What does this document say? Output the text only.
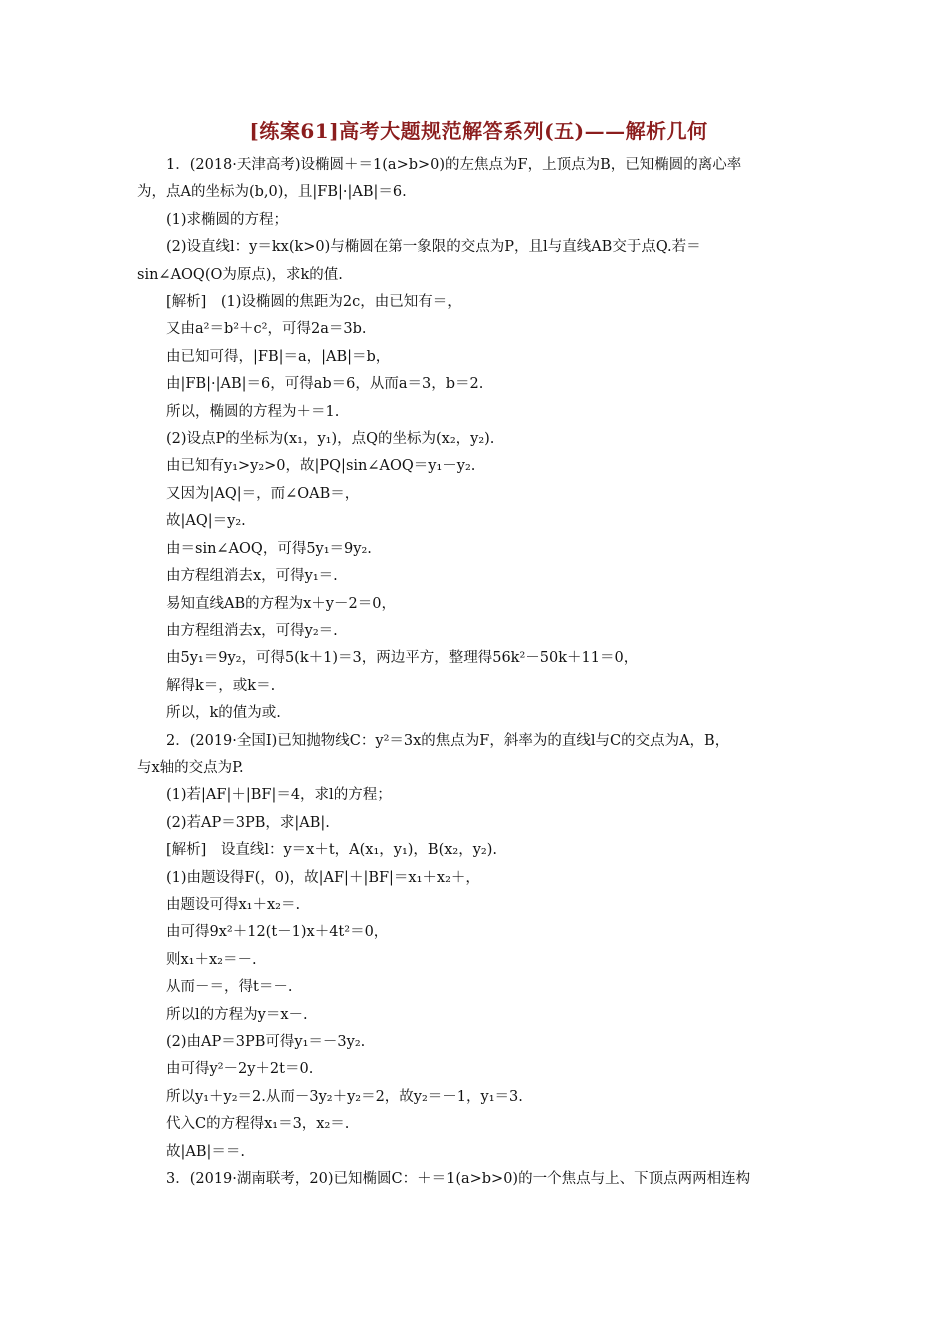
[练案61]高考大题规范解答系列(五)——解析几何
1．(2018·天津高考)设椭圆＋＝1(a>b>0)的左焦点为F，上顶点为B，已知椭圆的离心率
为，点A的坐标为(b,0)，且|FB|·|AB|＝6.
(1)求椭圆的方程；
(2)设直线l：y＝kx(k>0)与椭圆在第一象限的交点为P，且l与直线AB交于点Q.若＝
sin∠AOQ(O为原点)，求k的值.
[解析]　(1)设椭圆的焦距为2c，由已知有＝，
又由a²＝b²＋c²，可得2a＝3b.
由已知可得，|FB|＝a，|AB|＝b，
由|FB|·|AB|＝6，可得ab＝6，从而a＝3，b＝2.
所以，椭圆的方程为＋＝1.
(2)设点P的坐标为(x₁，y₁)，点Q的坐标为(x₂，y₂).
由已知有y₁>y₂>0，故|PQ|sin∠AOQ＝y₁－y₂.
又因为|AQ|＝，而∠OAB＝，
故|AQ|＝y₂.
由＝sin∠AOQ，可得5y₁＝9y₂.
由方程组消去x，可得y₁＝.
易知直线AB的方程为x＋y－2＝0，
由方程组消去x，可得y₂＝.
由5y₁＝9y₂，可得5(k＋1)＝3，两边平方，整理得56k²－50k＋11＝0，
解得k＝，或k＝.
所以，k的值为或.
2．(2019·全国Ⅰ)已知抛物线C：y²＝3x的焦点为F，斜率为的直线l与C的交点为A，B，
与x轴的交点为P.
(1)若|AF|＋|BF|＝4，求l的方程；
(2)若AP＝3PB，求|AB|.
[解析]　设直线l：y＝x＋t，A(x₁，y₁)，B(x₂，y₂).
(1)由题设得F(，0)，故|AF|＋|BF|＝x₁＋x₂＋，
由题设可得x₁＋x₂＝.
由可得9x²＋12(t－1)x＋4t²＝0，
则x₁＋x₂＝－.
从而－＝，得t＝－.
所以l的方程为y＝x－.
(2)由AP＝3PB可得y₁＝－3y₂.
由可得y²－2y＋2t＝0.
所以y₁＋y₂＝2.从而－3y₂＋y₂＝2，故y₂＝－1，y₁＝3.
代入C的方程得x₁＝3，x₂＝.
故|AB|＝＝.
3．(2019·湖南联考，20)已知椭圆C：＋＝1(a>b>0)的一个焦点与上、下顶点两两相连构
